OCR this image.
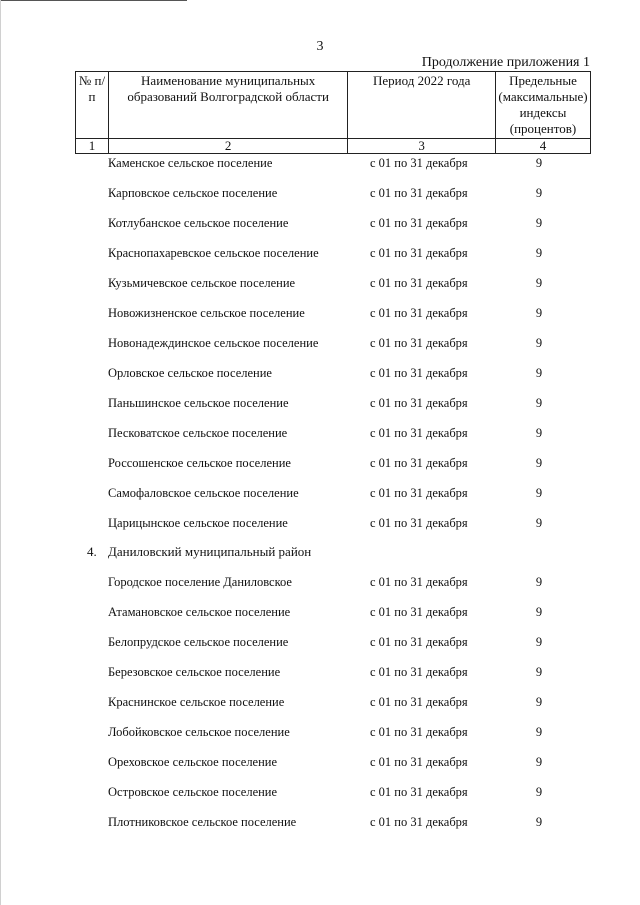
3
Продолжение приложения 1
№ п/п	Наименование муниципальных образований Волгоградской области	Период 2022 года	Предельные (максимальные) индексы (процентов)
1	2	3	4
Каменское сельское поселение	с 01 по 31 декабря	9
Карповское сельское поселение	с 01 по 31 декабря	9
Котлубанское сельское поселение	с 01 по 31 декабря	9
Краснопахаревское сельское поселение	с 01 по 31 декабря	9
Кузьмичевское сельское поселение	с 01 по 31 декабря	9
Новожизненское сельское поселение	с 01 по 31 декабря	9
Новонадеждинское сельское поселение	с 01 по 31 декабря	9
Орловское сельское поселение	с 01 по 31 декабря	9
Паньшинское сельское поселение	с 01 по 31 декабря	9
Песковатское сельское поселение	с 01 по 31 декабря	9
Россошенское сельское поселение	с 01 по 31 декабря	9
Самофаловское сельское поселение	с 01 по 31 декабря	9
Царицынское сельское поселение	с 01 по 31 декабря	9
4. Даниловский муниципальный район
Городское поселение Даниловское	с 01 по 31 декабря	9
Атамановское сельское поселение	с 01 по 31 декабря	9
Белопрудское сельское поселение	с 01 по 31 декабря	9
Березовское сельское поселение	с 01 по 31 декабря	9
Краснинское сельское поселение	с 01 по 31 декабря	9
Лобойковское сельское поселение	с 01 по 31 декабря	9
Ореховское сельское поселение	с 01 по 31 декабря	9
Островское сельское поселение	с 01 по 31 декабря	9
Плотниковское сельское поселение	с 01 по 31 декабря	9
